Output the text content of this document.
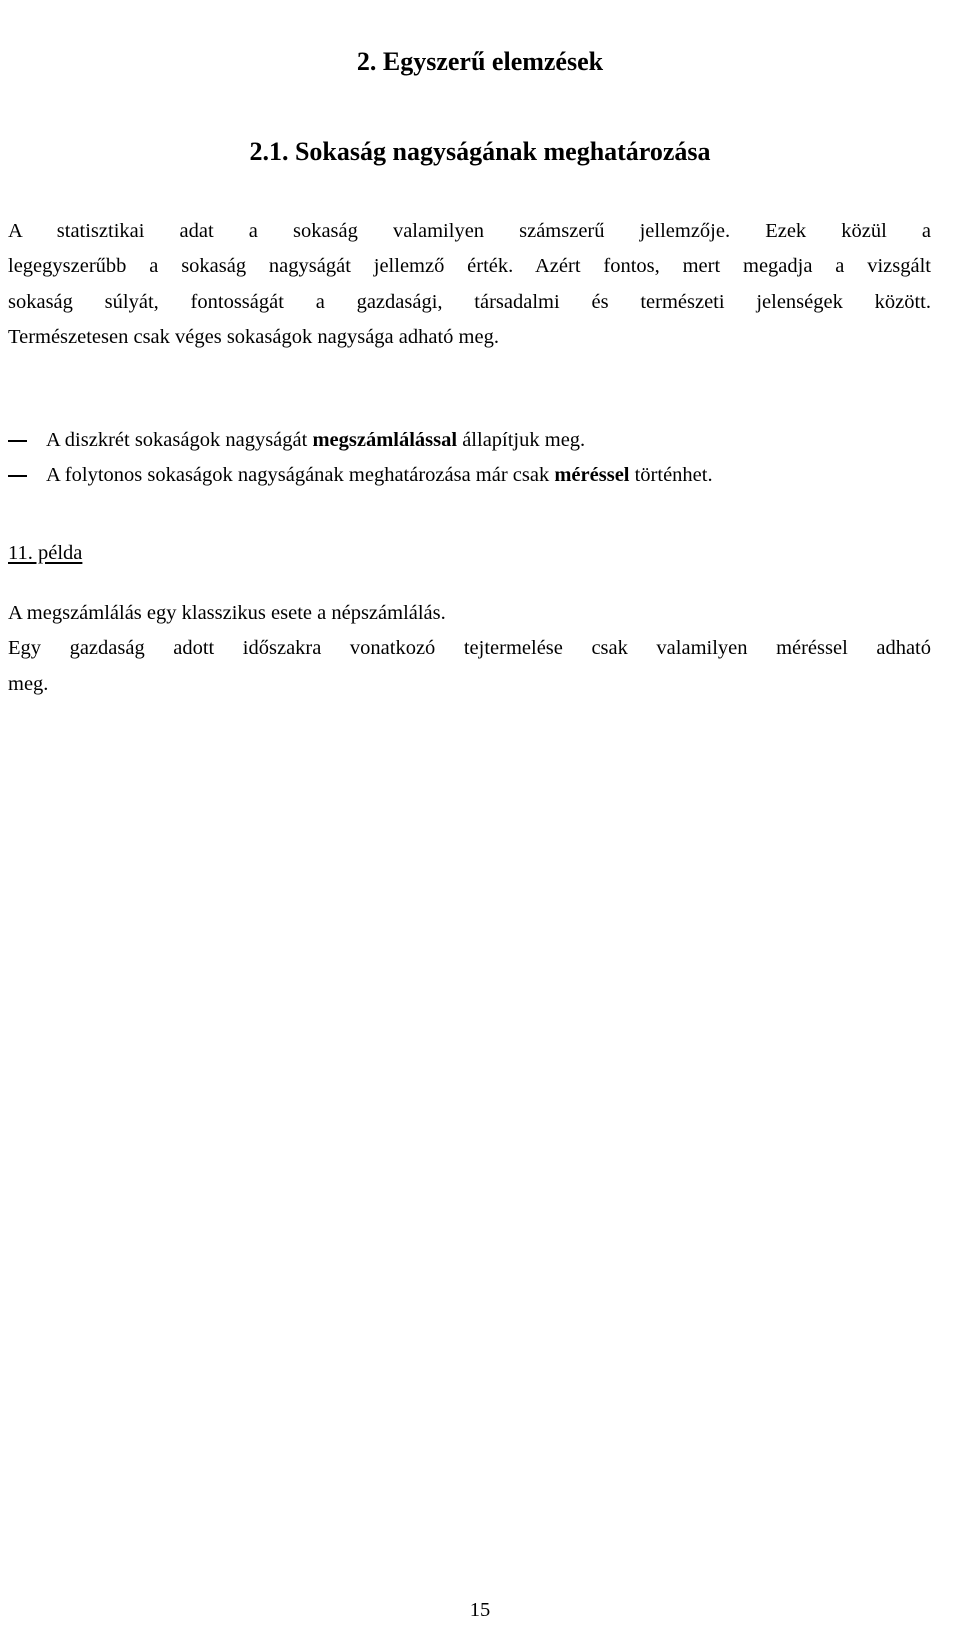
2. Egyszerű elemzések
2.1. Sokaság nagyságának meghatározása

A statisztikai adat a sokaság valamilyen számszerű jellemzője. Ezek közül a
legegyszerűbb a sokaság nagyságát jellemző érték. Azért fontos, mert megadja a vizsgált
sokaság súlyát, fontosságát a gazdasági, társadalmi és természeti jelenségek között.
Természetesen csak véges sokaságok nagysága adható meg.

A diszkrét sokaságok nagyságát megszámlálással állapítjuk meg.
A folytonos sokaságok nagyságának meghatározása már csak méréssel történhet.

11. példa

A megszámlálás egy klasszikus esete a népszámlálás.
Egy gazdaság adott időszakra vonatkozó tejtermelése csak valamilyen méréssel adható
meg.

15
